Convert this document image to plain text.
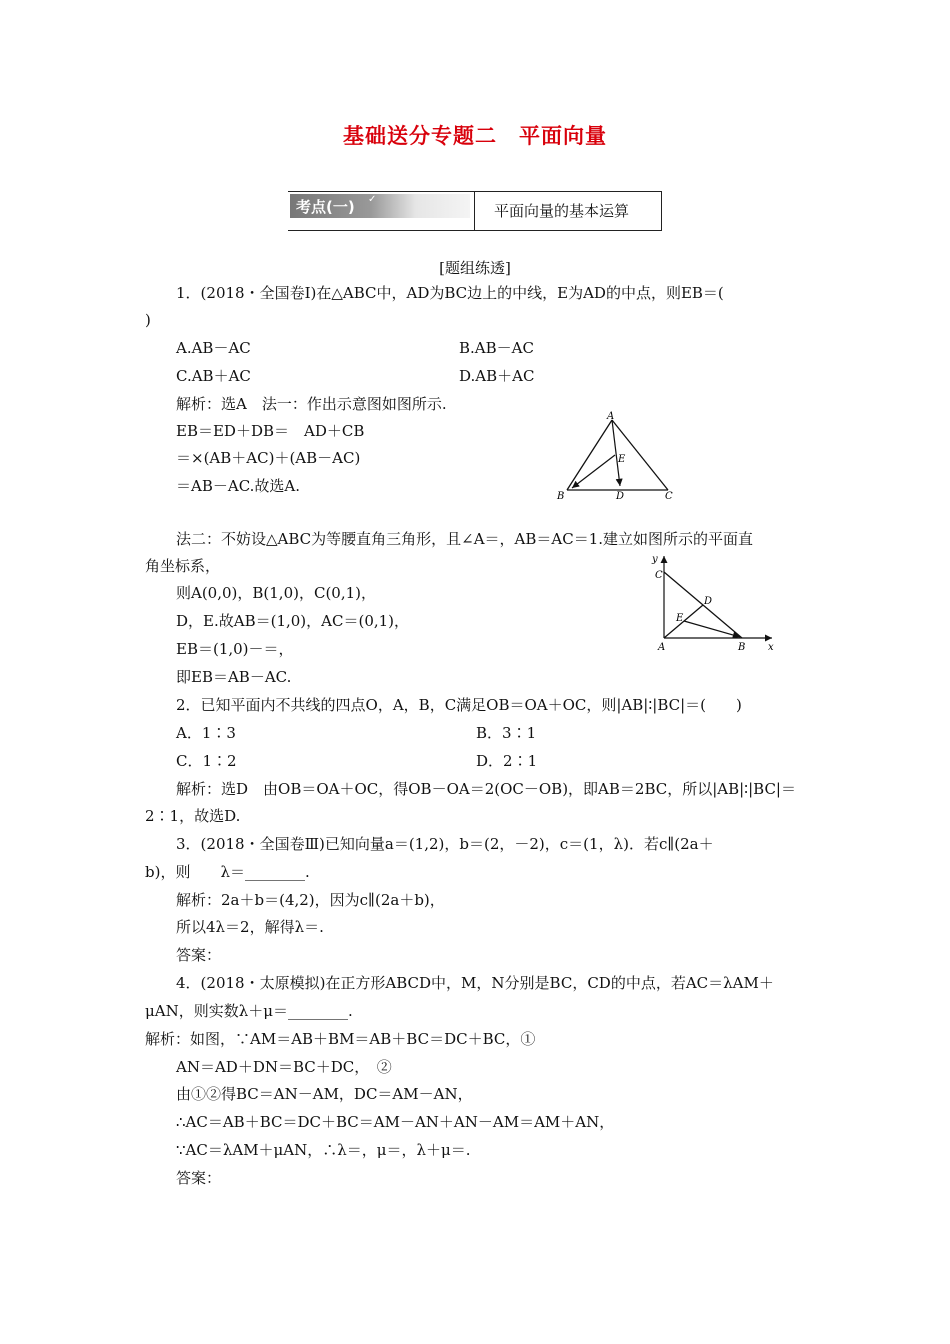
基础送分专题二　平面向量
考点(一) ✓
平面向量的基本运算
[题组练透]
1．(2018・全国卷Ⅰ)在△ABC中，AD为BC边上的中线，E为AD的中点，则EB＝(
)
A.AB－AC	B.AB－AC
C.AB＋AC	D.AB＋AC
解析：选A　法一：作出示意图如图所示.
EB＝ED＋DB＝　AD＋CB
＝×(AB＋AC)＋(AB－AC)
＝AB－AC.故选A.
A
B	C
D
E
法二：不妨设△ABC为等腰直角三角形，且∠A＝，AB＝AC＝1.建立如图所示的平面直
角坐标系，
则A(0,0)，B(1,0)，C(0,1)，
D，E.故AB＝(1,0)，AC＝(0,1)，
EB＝(1,0)－＝，
即EB＝AB－AC.
y
x
C
D
E
A	B
2．已知平面内不共线的四点O，A，B，C满足OB＝OA＋OC，则|AB|∶|BC|＝(　　)
A．1∶3	B．3∶1
C．1∶2	D．2∶1
解析：选D　由OB＝OA＋OC，得OB－OA＝2(OC－OB)，即AB＝2BC，所以|AB|∶|BC|＝
2∶1，故选D.
3．(2018・全国卷Ⅲ)已知向量a＝(1,2)，b＝(2，－2)，c＝(1，λ)．若c∥(2a＋
b)，则　　λ＝________.
解析：2a＋b＝(4,2)，因为c∥(2a＋b)，
所以4λ＝2，解得λ＝.
答案：
4．(2018・太原模拟)在正方形ABCD中，M，N分别是BC，CD的中点，若AC＝λAM＋
μAN，则实数λ＋μ＝________.
解析：如图，∵AM＝AB＋BM＝AB＋BC＝DC＋BC，①
AN＝AD＋DN＝BC＋DC，　②
由①②得BC＝AN－AM，DC＝AM－AN，
∴AC＝AB＋BC＝DC＋BC＝AM－AN＋AN－AM＝AM＋AN，
∵AC＝λAM＋μAN，∴λ＝，μ＝，λ＋μ＝.
答案：
